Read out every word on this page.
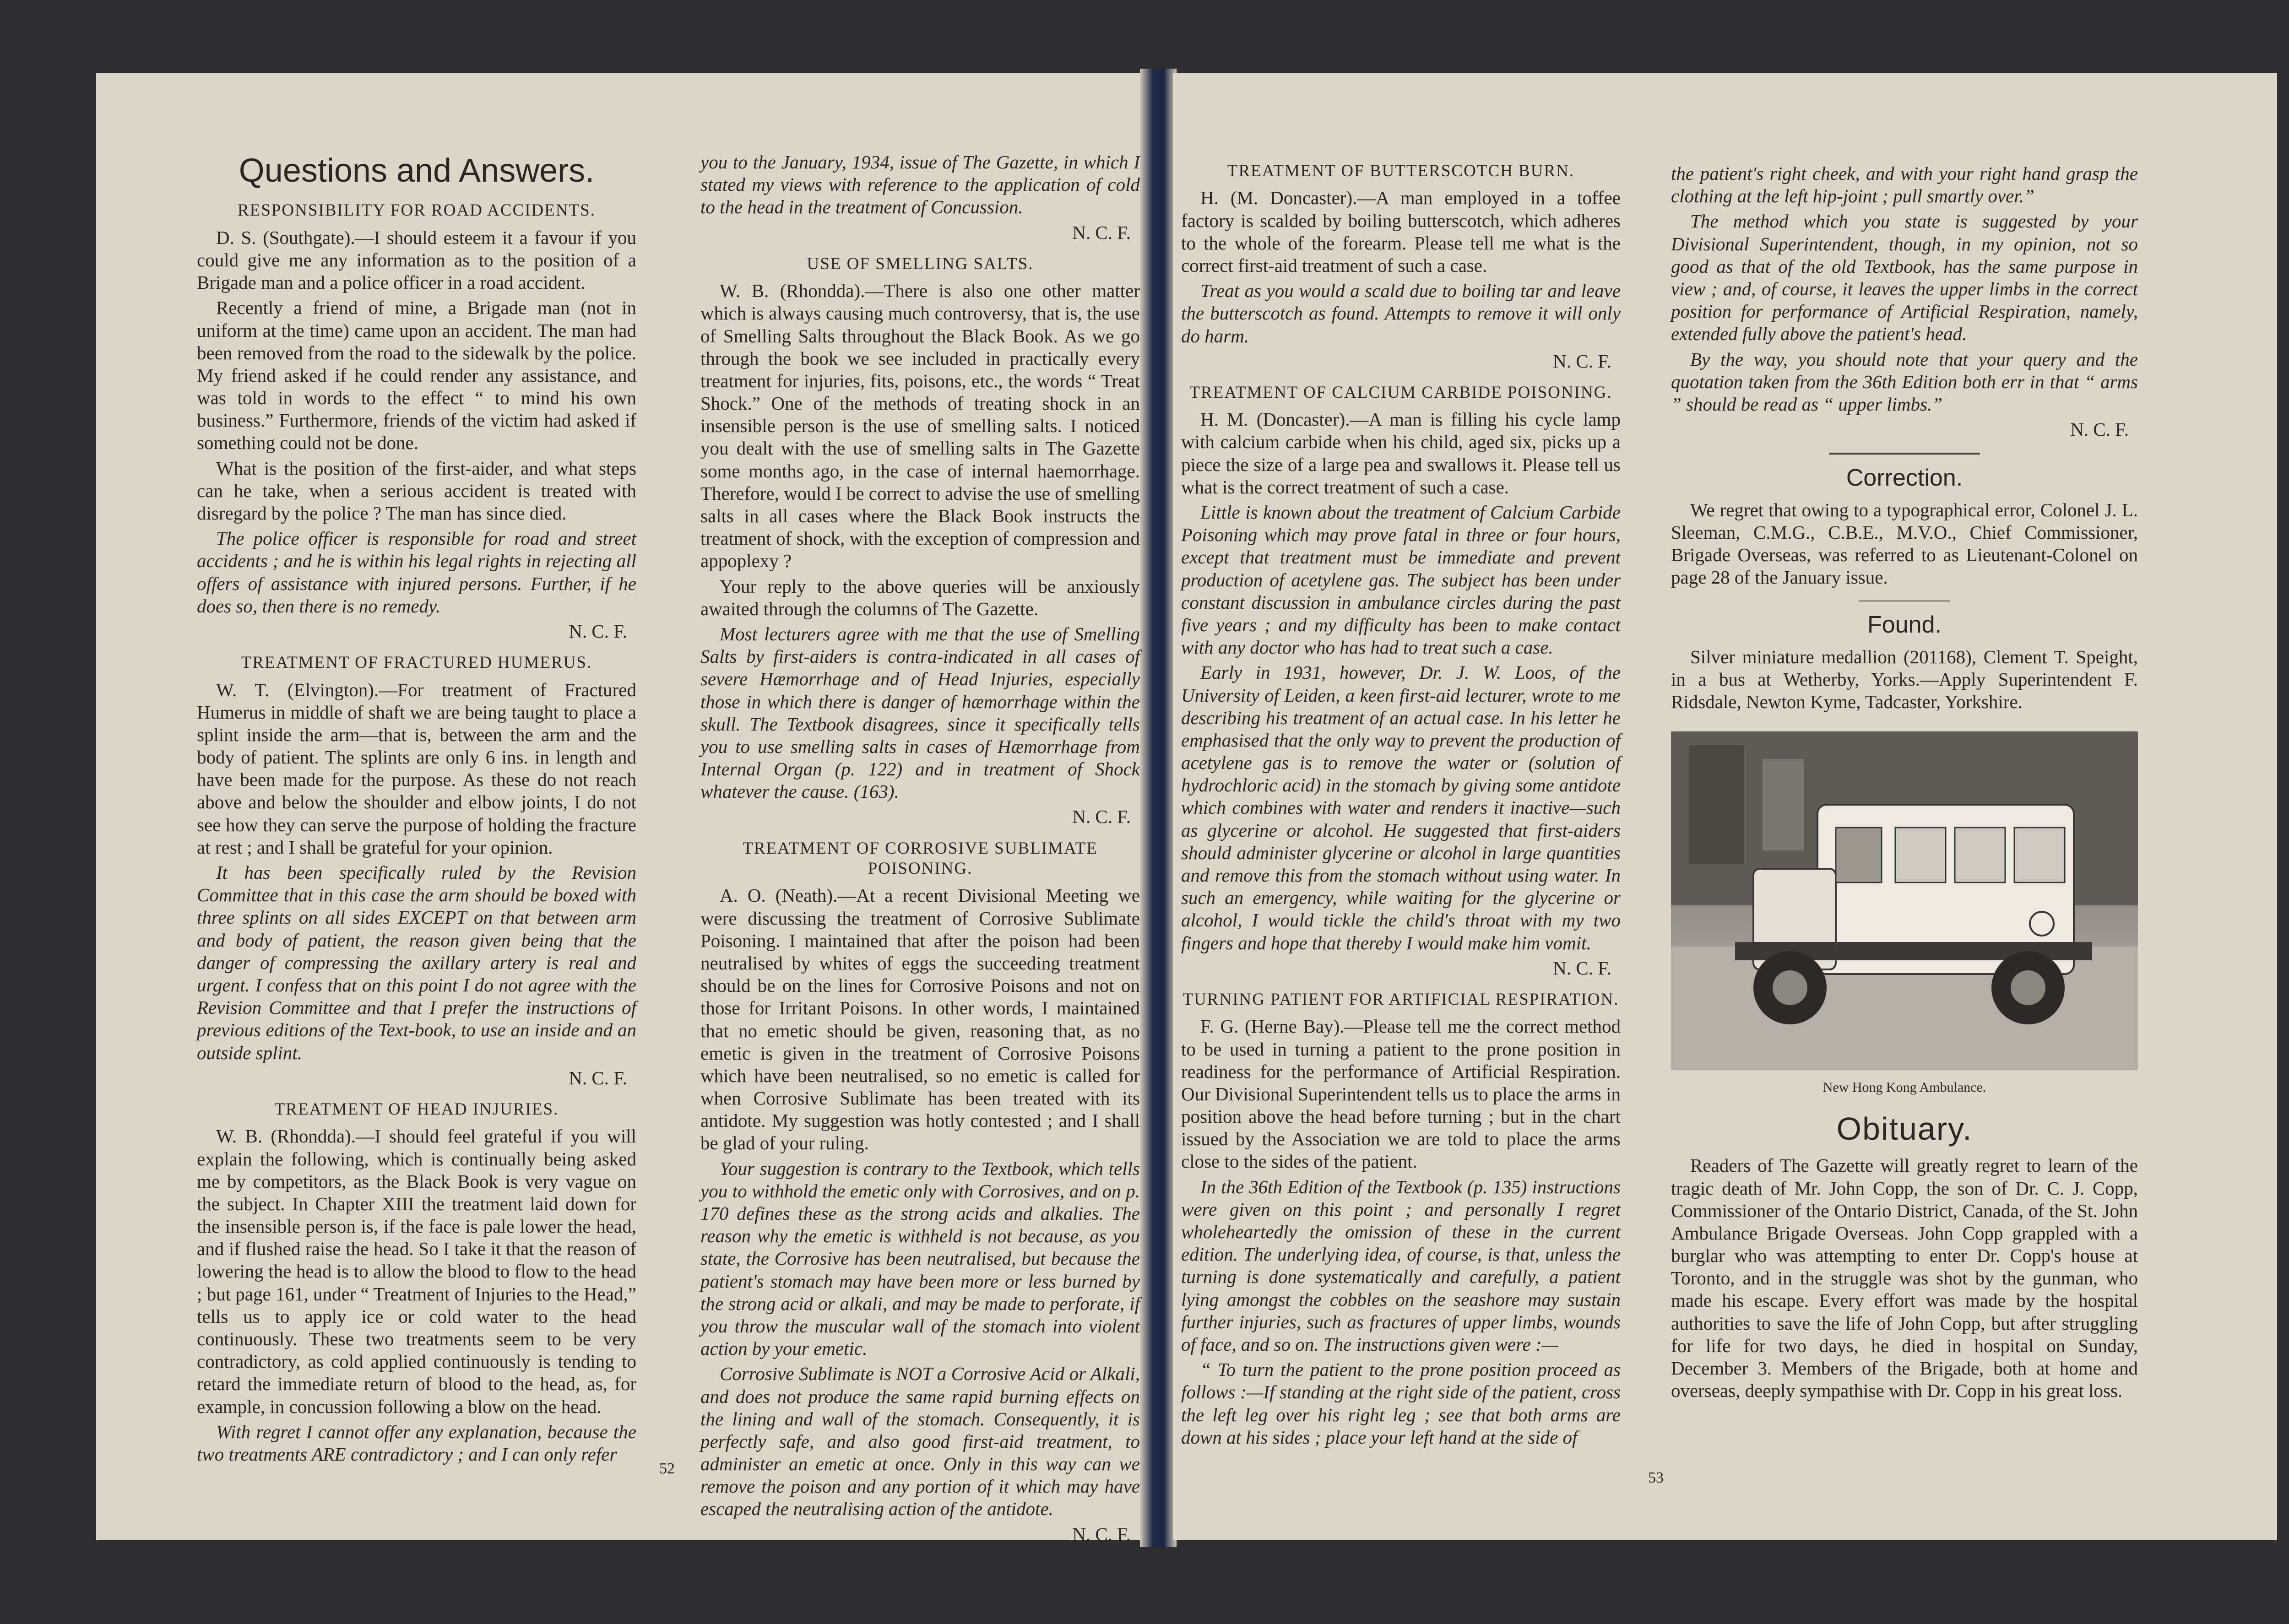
Questions and Answers.
RESPONSIBILITY FOR ROAD ACCIDENTS.

D. S. (Southgate).—I should esteem it a favour if you could give me any information as to the position of a Brigade man and a police officer in a road accident.

Recently a friend of mine, a Brigade man (not in uniform at the time) came upon an accident. The man had been removed from the road to the sidewalk by the police. My friend asked if he could render any assistance, and was told in words to the effect “ to mind his own business.” Furthermore, friends of the victim had asked if something could not be done.

What is the position of the first-aider, and what steps can he take, when a serious accident is treated with disregard by the police ? The man has since died.

The police officer is responsible for road and street accidents ; and he is within his legal rights in rejecting all offers of assistance with injured persons. Further, if he does so, then there is no remedy.

N. C. F.

TREATMENT OF FRACTURED HUMERUS.

W. T. (Elvington).—For treatment of Fractured Humerus in middle of shaft we are being taught to place a splint inside the arm—that is, between the arm and the body of patient. The splints are only 6 ins. in length and have been made for the purpose. As these do not reach above and below the shoulder and elbow joints, I do not see how they can serve the purpose of holding the fracture at rest ; and I shall be grateful for your opinion.

It has been specifically ruled by the Revision Committee that in this case the arm should be boxed with three splints on all sides EXCEPT on that between arm and body of patient, the reason given being that the danger of compressing the axillary artery is real and urgent. I confess that on this point I do not agree with the Revision Committee and that I prefer the instructions of previous editions of the Text-book, to use an inside and an outside splint.

N. C. F.

TREATMENT OF HEAD INJURIES.

W. B. (Rhondda).—I should feel grateful if you will explain the following, which is continually being asked me by competitors, as the Black Book is very vague on the subject. In Chapter XIII the treatment laid down for the insensible person is, if the face is pale lower the head, and if flushed raise the head. So I take it that the reason of lowering the head is to allow the blood to flow to the head ; but page 161, under “ Treatment of Injuries to the Head,” tells us to apply ice or cold water to the head continuously. These two treatments seem to be very contradictory, as cold applied continuously is tending to retard the immediate return of blood to the head, as, for example, in concussion following a blow on the head.

With regret I cannot offer any explanation, because the two treatments ARE contradictory ; and I can only refer

you to the January, 1934, issue of The Gazette, in which I stated my views with reference to the application of cold to the head in the treatment of Concussion.

N. C. F.

USE OF SMELLING SALTS.

W. B. (Rhondda).—There is also one other matter which is always causing much controversy, that is, the use of Smelling Salts throughout the Black Book. As we go through the book we see included in practically every treatment for injuries, fits, poisons, etc., the words “ Treat Shock.” One of the methods of treating shock in an insensible person is the use of smelling salts. I noticed you dealt with the use of smelling salts in The Gazette some months ago, in the case of internal haemorrhage. Therefore, would I be correct to advise the use of smelling salts in all cases where the Black Book instructs the treatment of shock, with the exception of compression and appoplexy ?

Your reply to the above queries will be anxiously awaited through the columns of The Gazette.

Most lecturers agree with me that the use of Smelling Salts by first-aiders is contra-indicated in all cases of severe Hæmorrhage and of Head Injuries, especially those in which there is danger of hæmorrhage within the skull. The Textbook disagrees, since it specifically tells you to use smelling salts in cases of Hæmorrhage from Internal Organ (p. 122) and in treatment of Shock whatever the cause. (163).

N. C. F.

TREATMENT OF CORROSIVE SUBLIMATE POISONING.

A. O. (Neath).—At a recent Divisional Meeting we were discussing the treatment of Corrosive Sublimate Poisoning. I maintained that after the poison had been neutralised by whites of eggs the succeeding treatment should be on the lines for Corrosive Poisons and not on those for Irritant Poisons. In other words, I maintained that no emetic should be given, reasoning that, as no emetic is given in the treatment of Corrosive Poisons which have been neutralised, so no emetic is called for when Corrosive Sublimate has been treated with its antidote. My suggestion was hotly contested ; and I shall be glad of your ruling.

Your suggestion is contrary to the Textbook, which tells you to withhold the emetic only with Corrosives, and on p. 170 defines these as the strong acids and alkalies. The reason why the emetic is withheld is not because, as you state, the Corrosive has been neutralised, but because the patient's stomach may have been more or less burned by the strong acid or alkali, and may be made to perforate, if you throw the muscular wall of the stomach into violent action by your emetic.

Corrosive Sublimate is NOT a Corrosive Acid or Alkali, and does not produce the same rapid burning effects on the lining and wall of the stomach. Consequently, it is perfectly safe, and also good first-aid treatment, to administer an emetic at once. Only in this way can we remove the poison and any portion of it which may have escaped the neutralising action of the antidote.

N. C. F.

52
TREATMENT OF BUTTERSCOTCH BURN.

H. (M. Doncaster).—A man employed in a toffee factory is scalded by boiling butterscotch, which adheres to the whole of the forearm. Please tell me what is the correct first-aid treatment of such a case.

Treat as you would a scald due to boiling tar and leave the butterscotch as found. Attempts to remove it will only do harm.

N. C. F.

TREATMENT OF CALCIUM CARBIDE POISONING.

H. M. (Doncaster).—A man is filling his cycle lamp with calcium carbide when his child, aged six, picks up a piece the size of a large pea and swallows it. Please tell us what is the correct treatment of such a case.

Little is known about the treatment of Calcium Carbide Poisoning which may prove fatal in three or four hours, except that treatment must be immediate and prevent production of acetylene gas. The subject has been under constant discussion in ambulance circles during the past five years ; and my difficulty has been to make contact with any doctor who has had to treat such a case.

Early in 1931, however, Dr. J. W. Loos, of the University of Leiden, a keen first-aid lecturer, wrote to me describing his treatment of an actual case. In his letter he emphasised that the only way to prevent the production of acetylene gas is to remove the water or (solution of hydrochloric acid) in the stomach by giving some antidote which combines with water and renders it inactive—such as glycerine or alcohol. He suggested that first-aiders should administer glycerine or alcohol in large quantities and remove this from the stomach without using water. In such an emergency, while waiting for the glycerine or alcohol, I would tickle the child's throat with my two fingers and hope that thereby I would make him vomit.

N. C. F.

TURNING PATIENT FOR ARTIFICIAL RESPIRATION.

F. G. (Herne Bay).—Please tell me the correct method to be used in turning a patient to the prone position in readiness for the performance of Artificial Respiration. Our Divisional Superintendent tells us to place the arms in position above the head before turning ; but in the chart issued by the Association we are told to place the arms close to the sides of the patient.

In the 36th Edition of the Textbook (p. 135) instructions were given on this point ; and personally I regret wholeheartedly the omission of these in the current edition. The underlying idea, of course, is that, unless the turning is done systematically and carefully, a patient lying amongst the cobbles on the seashore may sustain further injuries, such as fractures of upper limbs, wounds of face, and so on. The instructions given were :—

“ To turn the patient to the prone position proceed as follows :—If standing at the right side of the patient, cross the left leg over his right leg ; see that both arms are down at his sides ; place your left hand at the side of

the patient's right cheek, and with your right hand grasp the clothing at the left hip-joint ; pull smartly over.”

The method which you state is suggested by your Divisional Superintendent, though, in my opinion, not so good as that of the old Textbook, has the same purpose in view ; and, of course, it leaves the upper limbs in the correct position for performance of Artificial Respiration, namely, extended fully above the patient's head.

By the way, you should note that your query and the quotation taken from the 36th Edition both err in that “ arms ” should be read as “ upper limbs.”

N. C. F.

Correction.

We regret that owing to a typographical error, Colonel J. L. Sleeman, C.M.G., C.B.E., M.V.O., Chief Commissioner, Brigade Overseas, was referred to as Lieutenant-Colonel on page 28 of the January issue.

Found.

Silver miniature medallion (201168), Clement T. Speight, in a bus at Wetherby, Yorks.—Apply Superintendent F. Ridsdale, Newton Kyme, Tadcaster, Yorkshire.

New Hong Kong Ambulance.
Obituary.

Readers of The Gazette will greatly regret to learn of the tragic death of Mr. John Copp, the son of Dr. C. J. Copp, Commissioner of the Ontario District, Canada, of the St. John Ambulance Brigade Overseas. John Copp grappled with a burglar who was attempting to enter Dr. Copp's house at Toronto, and in the struggle was shot by the gunman, who made his escape. Every effort was made by the hospital authorities to save the life of John Copp, but after struggling for life for two days, he died in hospital on Sunday, December 3. Members of the Brigade, both at home and overseas, deeply sympathise with Dr. Copp in his great loss.

53
